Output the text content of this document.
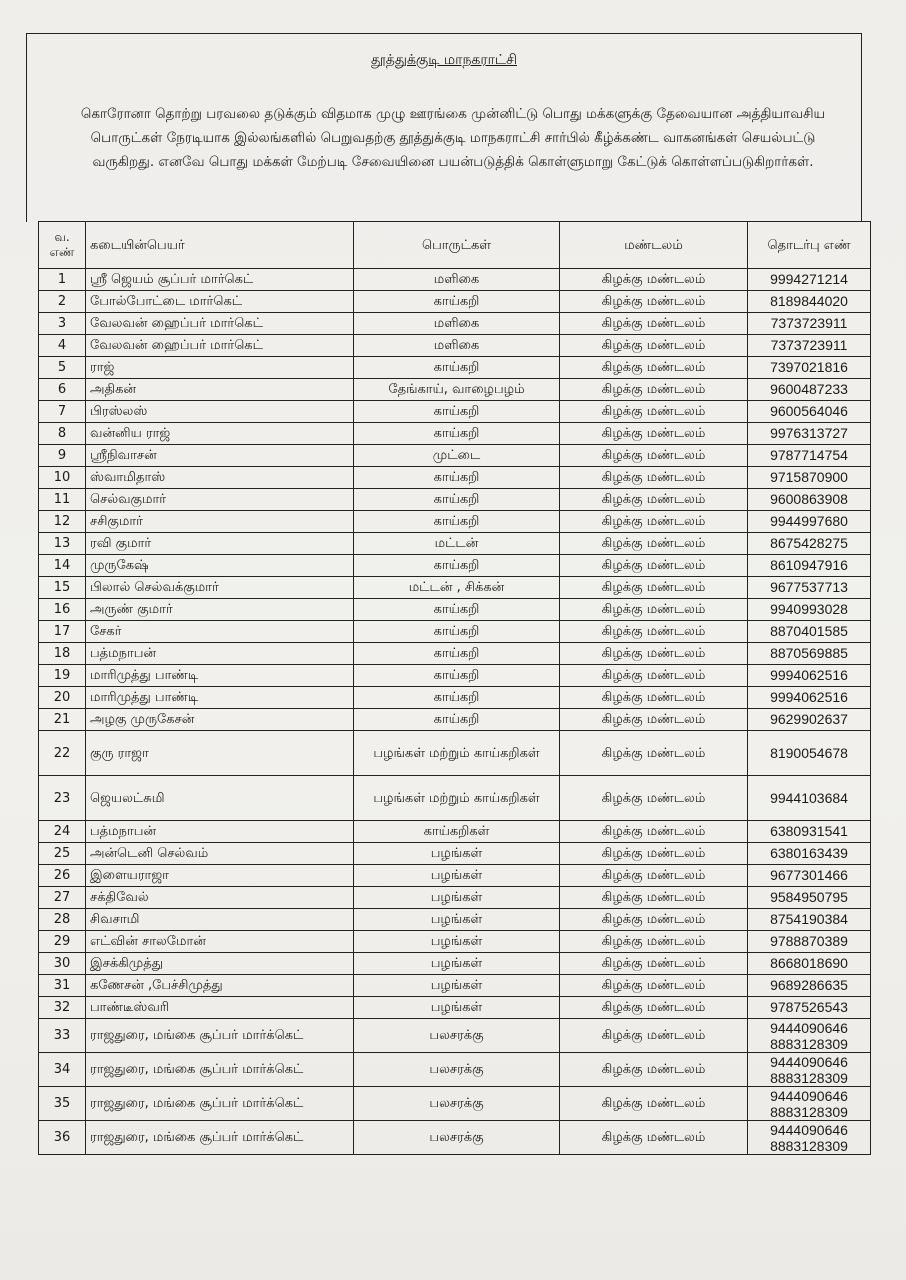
தூத்துக்குடி மாநகராட்சி
கொரோனா தொற்று பரவலை தடுக்கும் விதமாக முழு ஊரங்கை முன்னிட்டு பொது மக்களுக்கு தேவையான அத்தியாவசிய பொருட்கள் நேரடியாக இல்லங்களில் பெறுவதற்கு தூத்துக்குடி மாநகராட்சி சார்பில் கீழ்க்கண்ட வாகனங்கள் செயல்பட்டு வருகிறது. எனவே பொது மக்கள் மேற்படி சேவையினை பயன்படுத்திக் கொள்ளுமாறு கேட்டுக் கொள்ளப்படுகிறார்கள்.
வ. எண்	கடையின்பெயர்	பொருட்கள்	மண்டலம்	தொடர்பு எண்
1	ஸ்ரீ ஜெயம் சூப்பர் மார்கெட்	மளிகை	கிழக்கு மண்டலம்	9994271214
2	போல்போட்டை மார்கெட்	காய்கறி	கிழக்கு மண்டலம்	8189844020
3	வேலவன் ஹைப்பர் மார்கெட்	மளிகை	கிழக்கு மண்டலம்	7373723911
4	வேலவன் ஹைப்பர் மார்கெட்	மளிகை	கிழக்கு மண்டலம்	7373723911
5	ராஜ்	காய்கறி	கிழக்கு மண்டலம்	7397021816
6	அதிகன்	தேங்காய், வாழைபழம்	கிழக்கு மண்டலம்	9600487233
7	பிரஸ்லஸ்	காய்கறி	கிழக்கு மண்டலம்	9600564046
8	வன்னிய ராஜ்	காய்கறி	கிழக்கு மண்டலம்	9976313727
9	ஸ்ரீநிவாசன்	முட்டை	கிழக்கு மண்டலம்	9787714754
10	ஸ்வாமிதாஸ்	காய்கறி	கிழக்கு மண்டலம்	9715870900
11	செல்வகுமார்	காய்கறி	கிழக்கு மண்டலம்	9600863908
12	சசிகுமார்	காய்கறி	கிழக்கு மண்டலம்	9944997680
13	ரவி குமார்	மட்டன்	கிழக்கு மண்டலம்	8675428275
14	முருகேஷ்	காய்கறி	கிழக்கு மண்டலம்	8610947916
15	பிலால் செல்வக்குமார்	மட்டன் , சிக்கன்	கிழக்கு மண்டலம்	9677537713
16	அருண் குமார்	காய்கறி	கிழக்கு மண்டலம்	9940993028
17	சேகர்	காய்கறி	கிழக்கு மண்டலம்	8870401585
18	பத்மநாபன்	காய்கறி	கிழக்கு மண்டலம்	8870569885
19	மாரிமுத்து பாண்டி	காய்கறி	கிழக்கு மண்டலம்	9994062516
20	மாரிமுத்து பாண்டி	காய்கறி	கிழக்கு மண்டலம்	9994062516
21	அழகு முருகேசன்	காய்கறி	கிழக்கு மண்டலம்	9629902637
22	குரு ராஜா	பழங்கள் மற்றும் காய்கறிகள்	கிழக்கு மண்டலம்	8190054678
23	ஜெயலட்சுமி	பழங்கள் மற்றும் காய்கறிகள்	கிழக்கு மண்டலம்	9944103684
24	பத்மநாபன்	காய்கறிகள்	கிழக்கு மண்டலம்	6380931541
25	அன்டெனி செல்வம்	பழங்கள்	கிழக்கு மண்டலம்	6380163439
26	இளையராஜா	பழங்கள்	கிழக்கு மண்டலம்	9677301466
27	சக்திவேல்	பழங்கள்	கிழக்கு மண்டலம்	9584950795
28	சிவசாமி	பழங்கள்	கிழக்கு மண்டலம்	8754190384
29	எட்வின் சாலமோன்	பழங்கள்	கிழக்கு மண்டலம்	9788870389
30	இசக்கிமுத்து	பழங்கள்	கிழக்கு மண்டலம்	8668018690
31	கணேசன் ,பேச்சிமுத்து	பழங்கள்	கிழக்கு மண்டலம்	9689286635
32	பாண்டீஸ்வரி	பழங்கள்	கிழக்கு மண்டலம்	9787526543
33	ராஜதுரை, மங்கை சூப்பர் மார்க்கெட்	பலசரக்கு	கிழக்கு மண்டலம்	9444090646
8883128309

34	ராஜதுரை, மங்கை சூப்பர் மார்க்கெட்	பலசரக்கு	கிழக்கு மண்டலம்	9444090646
8883128309

35	ராஜதுரை, மங்கை சூப்பர் மார்க்கெட்	பலசரக்கு	கிழக்கு மண்டலம்	9444090646
8883128309

36	ராஜதுரை, மங்கை சூப்பர் மார்க்கெட்	பலசரக்கு	கிழக்கு மண்டலம்	9444090646
8883128309
